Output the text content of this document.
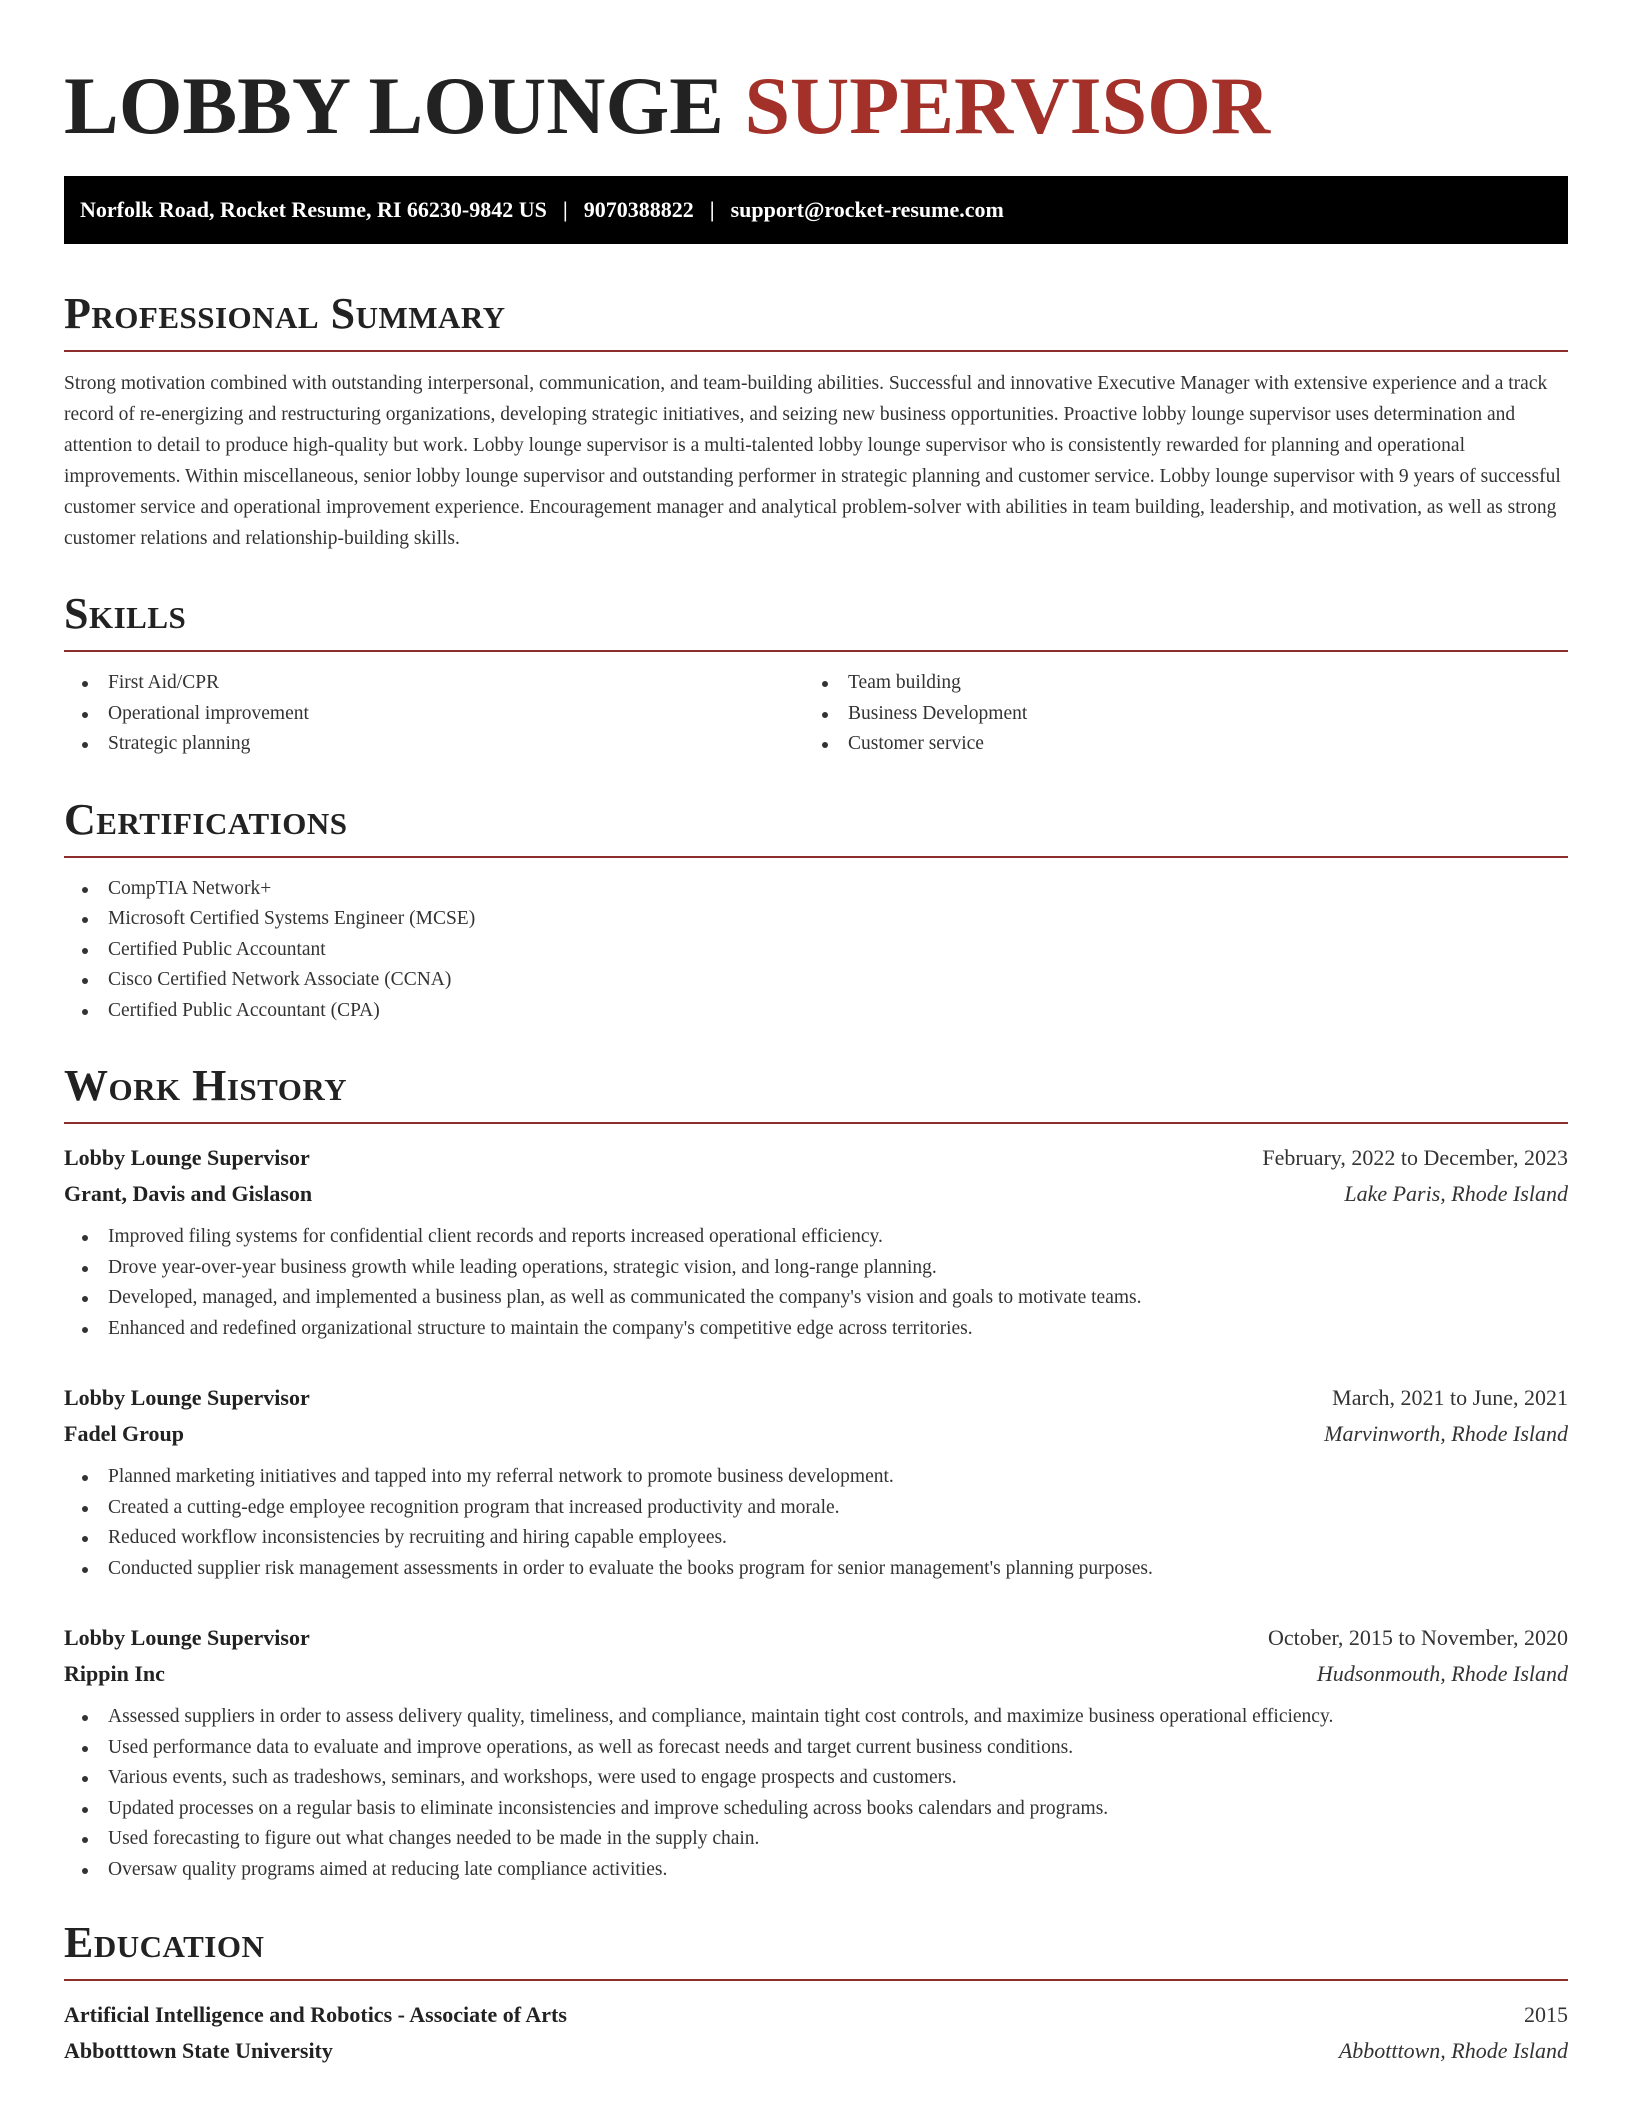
LOBBY LOUNGE SUPERVISOR
Norfolk Road, Rocket Resume, RI 66230-9842 US | 9070388822 | support@rocket-resume.com
Professional Summary

Strong motivation combined with outstanding interpersonal, communication, and team-building abilities. Successful and innovative Executive Manager with extensive experience and a track record of re-energizing and restructuring organizations, developing strategic initiatives, and seizing new business opportunities. Proactive lobby lounge supervisor uses determination and attention to detail to produce high-quality but work. Lobby lounge supervisor is a multi-talented lobby lounge supervisor who is consistently rewarded for planning and operational improvements. Within miscellaneous, senior lobby lounge supervisor and outstanding performer in strategic planning and customer service. Lobby lounge supervisor with 9 years of successful customer service and operational improvement experience. Encouragement manager and analytical problem-solver with abilities in team building, leadership, and motivation, as well as strong customer relations and relationship-building skills.

Skills
First Aid/CPR
Operational improvement
Strategic planning
Team building
Business Development
Customer service
Certifications
CompTIA Network+
Microsoft Certified Systems Engineer (MCSE)
Certified Public Accountant
Cisco Certified Network Associate (CCNA)
Certified Public Accountant (CPA)
Work History
Lobby Lounge Supervisor	February, 2022 to December, 2023
Grant, Davis and Gislason	Lake Paris, Rhode Island
Improved filing systems for confidential client records and reports increased operational efficiency.
Drove year-over-year business growth while leading operations, strategic vision, and long-range planning.
Developed, managed, and implemented a business plan, as well as communicated the company's vision and goals to motivate teams.
Enhanced and redefined organizational structure to maintain the company's competitive edge across territories.
Lobby Lounge Supervisor	March, 2021 to June, 2021
Fadel Group	Marvinworth, Rhode Island
Planned marketing initiatives and tapped into my referral network to promote business development.
Created a cutting-edge employee recognition program that increased productivity and morale.
Reduced workflow inconsistencies by recruiting and hiring capable employees.
Conducted supplier risk management assessments in order to evaluate the books program for senior management's planning purposes.
Lobby Lounge Supervisor	October, 2015 to November, 2020
Rippin Inc	Hudsonmouth, Rhode Island
Assessed suppliers in order to assess delivery quality, timeliness, and compliance, maintain tight cost controls, and maximize business operational efficiency.
Used performance data to evaluate and improve operations, as well as forecast needs and target current business conditions.
Various events, such as tradeshows, seminars, and workshops, were used to engage prospects and customers.
Updated processes on a regular basis to eliminate inconsistencies and improve scheduling across books calendars and programs.
Used forecasting to figure out what changes needed to be made in the supply chain.
Oversaw quality programs aimed at reducing late compliance activities.
Education
Artificial Intelligence and Robotics - Associate of Arts	2015
Abbotttown State University	Abbotttown, Rhode Island
